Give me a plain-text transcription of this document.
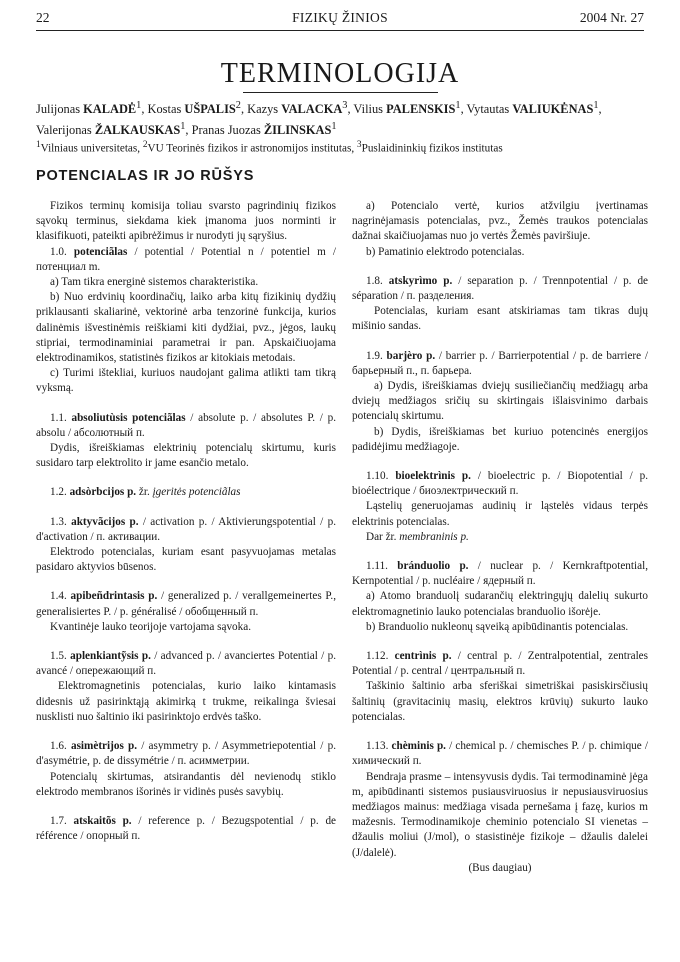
22	FIZIKŲ ŽINIOS	2004 Nr. 27
TERMINOLOGIJA
Julijonas KALADĖ$^1$, Kostas UŠPALIS$^2$, Kazys VALACKA$^3$, Vilius PALENSKIS$^1$, Vytautas VALIUKĖNAS$^1$,
Valerijonas ŽALKAUSKAS$^1$, Pranas Juozas ŽILINSKAS$^1$
$^1$Vilniaus universitetas, $^2$VU Teorinės fizikos ir astronomijos institutas, $^3$Puslaidininkių fizikos institutas
POTENCIALAS IR JO RŪŠYS

Fizikos terminų komisija toliau svarsto pagrindinių fizikos sąvokų terminus, siekdama kiek įmanoma juos norminti ir klasifikuoti, pateikti apibrėžimus ir nurodyti jų sąryšius.

1.0. potenciãlas / potential / Potential n / potentiel m / потенциал m.

a) Tam tikra energinė sistemos charakteristika.

b) Nuo erdvinių koordinačių, laiko arba kitų fizikinių dydžių priklausanti skaliarinė, vektorinė arba tenzorinė funkcija, kurios dalinėmis išvestinėmis reiškiami kiti dydžiai, pvz., jėgos, laukų stipriai, termodinaminiai parametrai ir pan. Apskaičiuojama elektrodinamikos, statistinės fizikos ar kitokiais metodais.

c) Turimi ištekliai, kuriuos naudojant galima atlikti tam tikrą vyksmą.

1.1. absoliutùsis potenciãlas / absolute p. / absolutes P. / p. absolu / абсолютный п.

Dydis, išreiškiamas elektrinių potencialų skirtumu, kuris susidaro tarp elektrolito ir jame esančio metalo.

1.2. adsòrbcijos p. žr. įgeritės potenciãlas

1.3. aktyvãcijos p. / activation p. / Aktivierungspotential / p. d'activation / п. активации.

Elektrodo potencialas, kuriam esant pasyvuojamas metalas pasidaro aktyvios būsenos.

1.4. apibeñdrintasis p. / generalized p. / verallgemeinertes P., generalisiertes P. / p. généralisé / обобщенный п.

Kvantinėje lauko teorijoje vartojama sąvoka.

1.5. aplenkiantỹsis p. / advanced p. / avanciertes Potential / p. avancé / опережающий п.

Elektromagnetinis potencialas, kurio laiko kintamasis didesnis už pasirinktąją akimirką t trukme, reikalinga šviesai nusklisti nuo šaltinio iki pasirinktojo erdvės taško.

1.6. asimètrijos p. / asymmetry p. / Asymmetriepotential / p. d'asymétrie, p. de dissymétrie / п. асимметрии.

Potencialų skirtumas, atsirandantis dėl nevienodų stiklo elektrodo membranos išorinės ir vidinės pusės savybių.

1.7. atskaitõs p. / reference p. / Bezugspotential / p. de référence / опорный п.

a) Potencialo vertė, kurios atžvilgiu įvertinamas nagrinėjamasis potencialas, pvz., Žemės traukos potencialas dažnai skaičiuojamas nuo jo vertės Žemės paviršiuje.

b) Pamatinio elektrodo potencialas.

1.8. atskyrìmo p. / separation p. / Trennpotential / p. de séparation / п. разделения.

Potencialas, kuriam esant atskiriamas tam tikras dujų mišinio sandas.

1.9. barjèro p. / barrier p. / Barrierpotential / p. de barriere / барьерный п., п. барьера.

a) Dydis, išreiškiamas dviejų susiliečiančių medžiagų arba dviejų medžiagos sričių su skirtingais išlaisvinimo darbais potencialų skirtumu.

b) Dydis, išreiškiamas bet kuriuo potencinės energijos padidėjimu medžiagoje.

1.10. bioelektrìnis p. / bioelectric p. / Biopotential / p. bioélectrique / биоэлектрический п.

Ląstelių generuojamas audinių ir ląstelės vidaus terpės elektrinis potencialas.

Dar žr. membraninis p.

1.11. bránduolio p. / nuclear p. / Kernkraftpotential, Kernpotential / p. nucléaire / ядерный п.

a) Atomo branduolį sudarančių elektringųjų dalelių sukurto elektromagnetinio lauko potencialas branduolio išorėje.

b) Branduolio nukleonų sąveiką apibūdinantis potencialas.

1.12. centrìnis p. / central p. / Zentralpotential, zentrales Potential / p. central / центральный п.

Taškinio šaltinio arba sferiškai simetriškai pasiskirsčiusių šaltinių (gravitacinių masių, elektros krūvių) sukurto lauko potencialas.

1.13. chèminis p. / chemical p. / chemisches P. / p. chimique / химический п.

Bendraja prasme – intensyvusis dydis. Tai termodinaminė jėga m, apibūdinanti sistemos pusiausviruosius ir nepusiausviruosius medžiagos mainus: medžiaga visada pernešama į fazę, kurios m mažesnis. Termodinamikoje cheminio potencialo SI vienetas – džaulis moliui (J/mol), o stasistinėje fizikoje – džaulis dalelei (J/dalelė).

(Bus daugiau)
